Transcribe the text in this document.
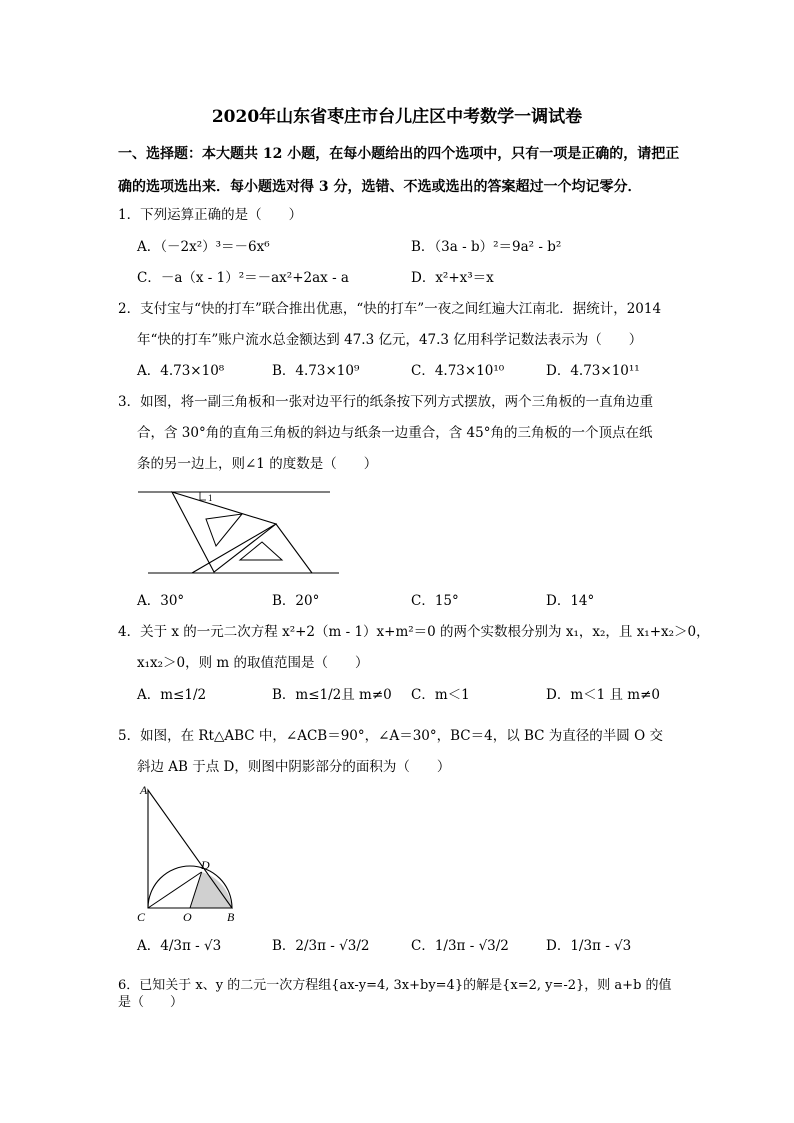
2020年山东省枣庄市台儿庄区中考数学一调试卷
一、选择题：本大题共 12 小题，在每小题给出的四个选项中，只有一项是正确的，请把正
确的选项选出来．每小题选对得 3 分，选错、不选或选出的答案超过一个均记零分．
1．下列运算正确的是（　　）
A．（－2x²）³＝－6x⁶	B．（3a - b）²＝9a² - b²
C．－a（x - 1）²＝－ax²+2ax - a	D．x²+x³＝x
2．支付宝与“快的打车”联合推出优惠，“快的打车”一夜之间红遍大江南北．据统计，2014
年“快的打车”账户流水总金额达到 47.3 亿元，47.3 亿用科学记数法表示为（　　）
A．4.73×10⁸	B．4.73×10⁹	C．4.73×10¹⁰	D．4.73×10¹¹
3．如图，将一副三角板和一张对边平行的纸条按下列方式摆放，两个三角板的一直角边重
合，含 30°角的直角三角板的斜边与纸条一边重合，含 45°角的三角板的一个顶点在纸
条的另一边上，则∠1 的度数是（　　）
1
A．30°	B．20°	C．15°	D．14°
4．关于 x 的一元二次方程 x²+2（m - 1）x+m²＝0 的两个实数根分别为 x₁，x₂，且 x₁+x₂＞0，
x₁x₂＞0，则 m 的取值范围是（　　）
A．m≤1/2	B．m≤1/2且 m≠0 C．m＜1	D．m＜1 且 m≠0
5．如图，在 Rt△ABC 中，∠ACB＝90°，∠A＝30°，BC＝4，以 BC 为直径的半圆 O 交
斜边 AB 于点 D，则图中阴影部分的面积为（　　）
A
D
C	O	B
A．4/3π - √3	B．2/3π - √3/2	C．1/3π - √3/2	D．1/3π - √3
6．已知关于 x、y 的二元一次方程组{ax-y=4, 3x+by=4}的解是{x=2, y=-2}，则 a+b 的值是（　　）
